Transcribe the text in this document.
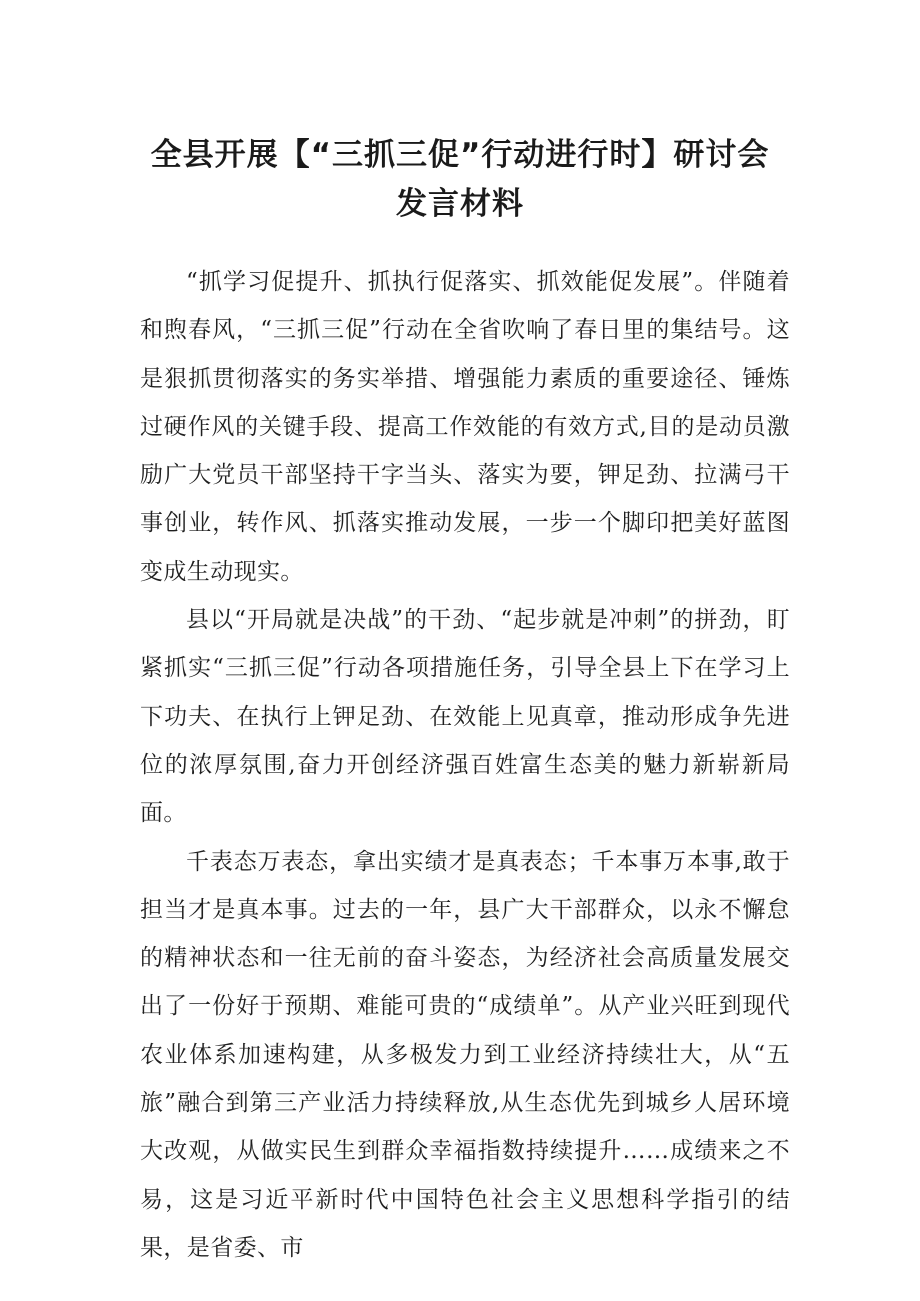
全县开展【“三抓三促”行动进行时】研讨会
发言材料

“抓学习促提升、抓执行促落实、抓效能促发展”。伴随着和煦春风，“三抓三促”行动在全省吹响了春日里的集结号。这是狠抓贯彻落实的务实举措、增强能力素质的重要途径、锤炼过硬作风的关键手段、提高工作效能的有效方式,目的是动员激励广大党员干部坚持干字当头、落实为要，钾足劲、拉满弓干事创业，转作风、抓落实推动发展，一步一个脚印把美好蓝图变成生动现实。

县以“开局就是决战”的干劲、“起步就是冲刺”的拼劲，盯紧抓实“三抓三促”行动各项措施任务，引导全县上下在学习上下功夫、在执行上钾足劲、在效能上见真章，推动形成争先进位的浓厚氛围,奋力开创经济强百姓富生态美的魅力新崭新局面。

千表态万表态，拿出实绩才是真表态；千本事万本事,敢于担当才是真本事。过去的一年，县广大干部群众，以永不懈怠的精神状态和一往无前的奋斗姿态，为经济社会高质量发展交出了一份好于预期、难能可贵的“成绩单”。从产业兴旺到现代农业体系加速构建，从多极发力到工业经济持续壮大，从“五旅”融合到第三产业活力持续释放,从生态优先到城乡人居环境大改观，从做实民生到群众幸福指数持续提升……成绩来之不易，这是习近平新时代中国特色社会主义思想科学指引的结果，是省委、市
